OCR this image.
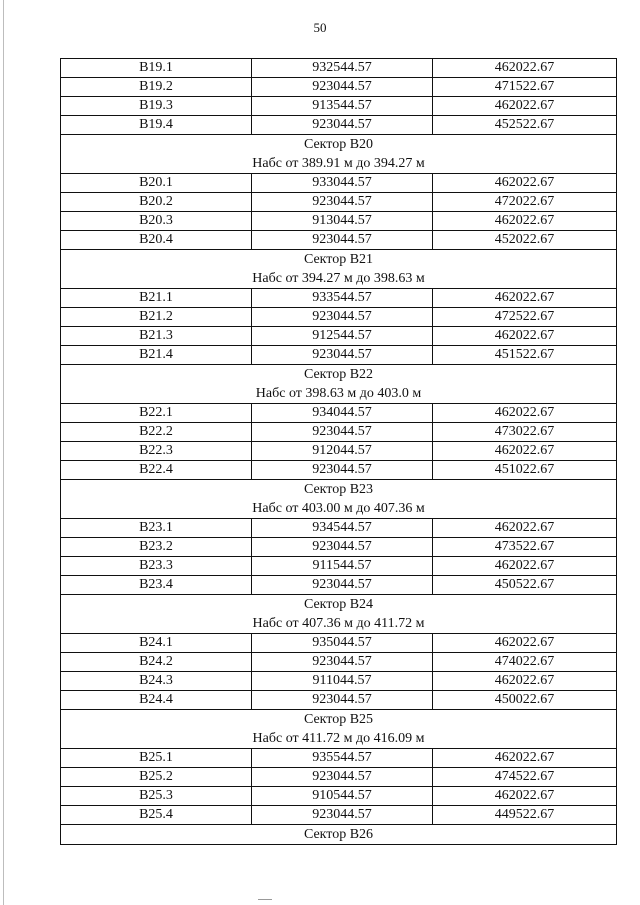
50
B19.1	932544.57	462022.67
B19.2	923044.57	471522.67
B19.3	913544.57	462022.67
B19.4	923044.57	452522.67

Сектор B20
Набс от 389.91 м до 394.27 м		

B20.1	933044.57	462022.67
B20.2	923044.57	472022.67
B20.3	913044.57	462022.67
B20.4	923044.57	452022.67

Сектор B21
Набс от 394.27 м до 398.63 м		

B21.1	933544.57	462022.67
B21.2	923044.57	472522.67
B21.3	912544.57	462022.67
B21.4	923044.57	451522.67

Сектор B22
Набс от 398.63 м до 403.0 м		

B22.1	934044.57	462022.67
B22.2	923044.57	473022.67
B22.3	912044.57	462022.67
B22.4	923044.57	451022.67

Сектор B23
Набс от 403.00 м до 407.36 м		

B23.1	934544.57	462022.67
B23.2	923044.57	473522.67
B23.3	911544.57	462022.67
B23.4	923044.57	450522.67

Сектор B24
Набс от 407.36 м до 411.72 м		

B24.1	935044.57	462022.67
B24.2	923044.57	474022.67
B24.3	911044.57	462022.67
B24.4	923044.57	450022.67

Сектор B25
Набс от 411.72 м до 416.09 м		

B25.1	935544.57	462022.67
B25.2	923044.57	474522.67
B25.3	910544.57	462022.67
B25.4	923044.57	449522.67

Сектор B26		
